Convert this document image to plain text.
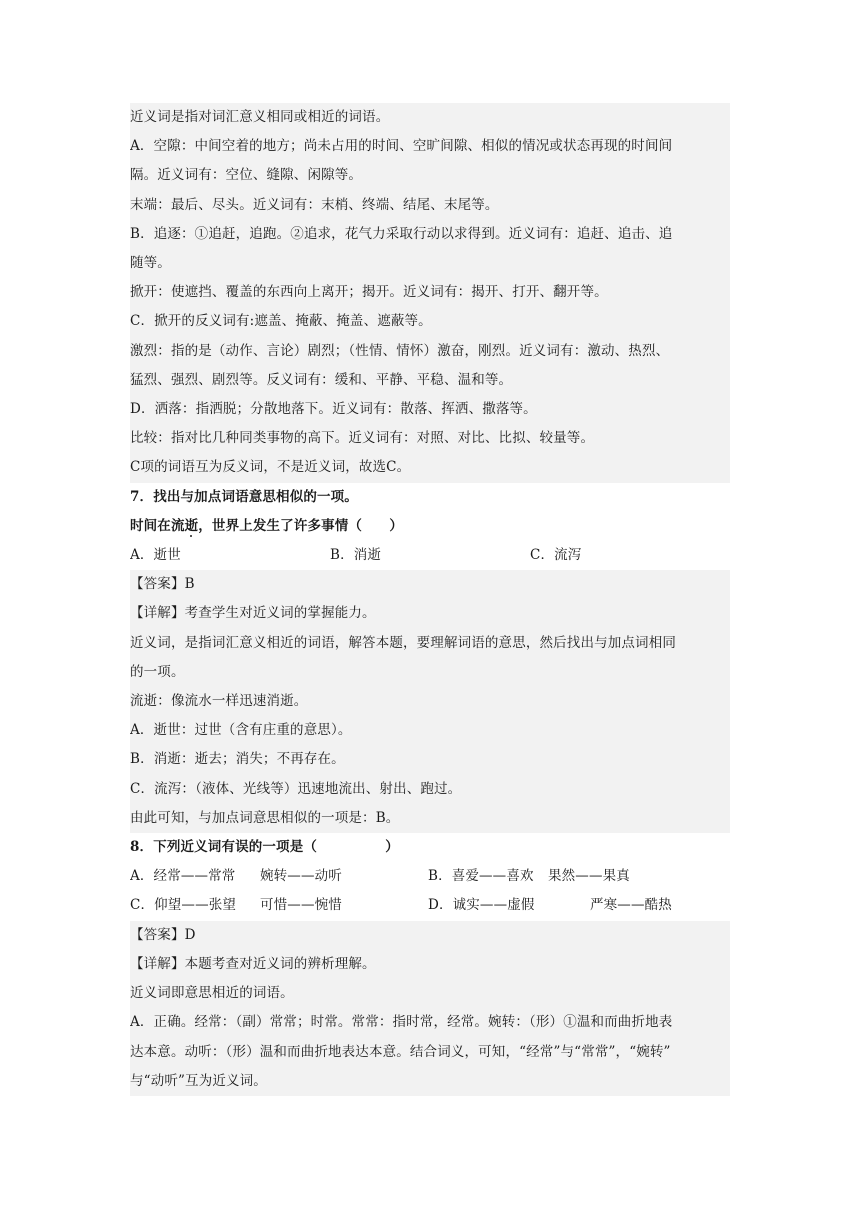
近义词是指对词汇意义相同或相近的词语。
A．空隙：中间空着的地方；尚未占用的时间、空旷间隙、相似的情况或状态再现的时间间
隔。近义词有：空位、缝隙、闲隙等。
末端：最后、尽头。近义词有：末梢、终端、结尾、末尾等。
B．追逐：①追赶，追跑。②追求，花气力采取行动以求得到。近义词有：追赶、追击、追
随等。
掀开：使遮挡、覆盖的东西向上离开；揭开。近义词有：揭开、打开、翻开等。
C．掀开的反义词有:遮盖、掩蔽、掩盖、遮蔽等。
激烈：指的是（动作、言论）剧烈；（性情、情怀）激奋，刚烈。近义词有：激动、热烈、
猛烈、强烈、剧烈等。反义词有：缓和、平静、平稳、温和等。
D．洒落：指洒脱；分散地落下。近义词有：散落、挥洒、撒落等。
比较：指对比几种同类事物的高下。近义词有：对照、对比、比拟、较量等。
C项的词语互为反义词，不是近义词，故选C。
7．找出与加点词语意思相似的一项。
时间在流逝，世界上发生了许多事情（　　）
A．逝世	B．消逝	C．流泻
【答案】B
【详解】考查学生对近义词的掌握能力。
近义词，是指词汇意义相近的词语，解答本题，要理解词语的意思，然后找出与加点词相同
的一项。
流逝：像流水一样迅速消逝。
A．逝世：过世（含有庄重的意思）。
B．消逝：逝去；消失；不再存在。
C．流泻：（液体、光线等）迅速地流出、射出、跑过。
由此可知，与加点词意思相似的一项是：B。
8．下列近义词有误的一项是（　　　　　）
A．经常——常常	婉转——动听	B．喜爱——喜欢	果然——果真
C．仰望——张望	可惜——惋惜	D．诚实——虚假	严寒——酷热
【答案】D
【详解】本题考查对近义词的辨析理解。
近义词即意思相近的词语。
A．正确。经常：（副）常常；时常。常常：指时常，经常。婉转：（形）①温和而曲折地表
达本意。动听：（形）温和而曲折地表达本意。结合词义，可知，“经常”与“常常”，“婉转”
与“动听”互为近义词。
